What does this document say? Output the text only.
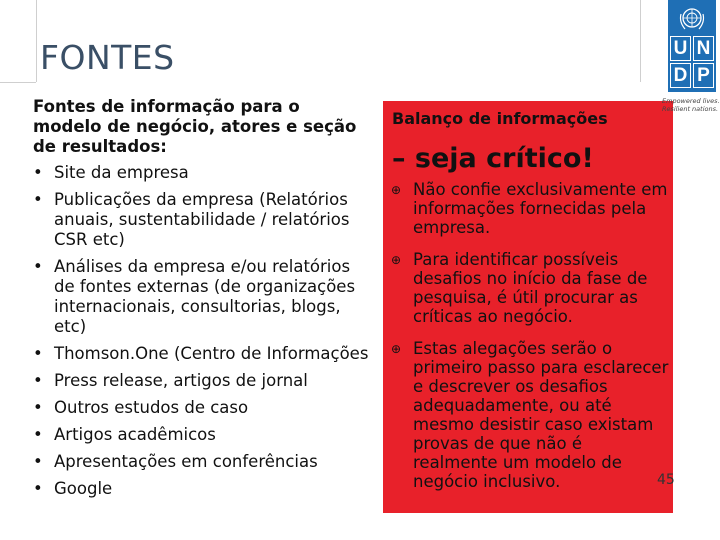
FONTES
Fontes de informação para o modelo de negócio, atores e seção de resultados:
• Site da empresa
• Publicações da empresa (Relatórios anuais, sustentabilidade / relatórios CSR etc)
• Análises da empresa e/ou relatórios de fontes externas (de organizações internacionais, consultorias, blogs, etc)
• Thomson.One (Centro de Informações
• Press release, artigos de jornal
• Outros estudos de caso
• Artigos acadêmicos
• Apresentações em conferências
• Google
Balanço de informações
– seja crítico!
⊕ Não confie exclusivamente em informações fornecidas pela empresa.
⊕ Para identificar possíveis desafios no início da fase de pesquisa, é útil procurar as críticas ao negócio.
⊕ Estas alegações serão o primeiro passo para esclarecer e descrever os desafios adequadamente, ou até mesmo desistir caso existam provas de que não é realmente um modelo de negócio inclusivo.	45
U N
D P
Empowered lives. Resilient nations.
